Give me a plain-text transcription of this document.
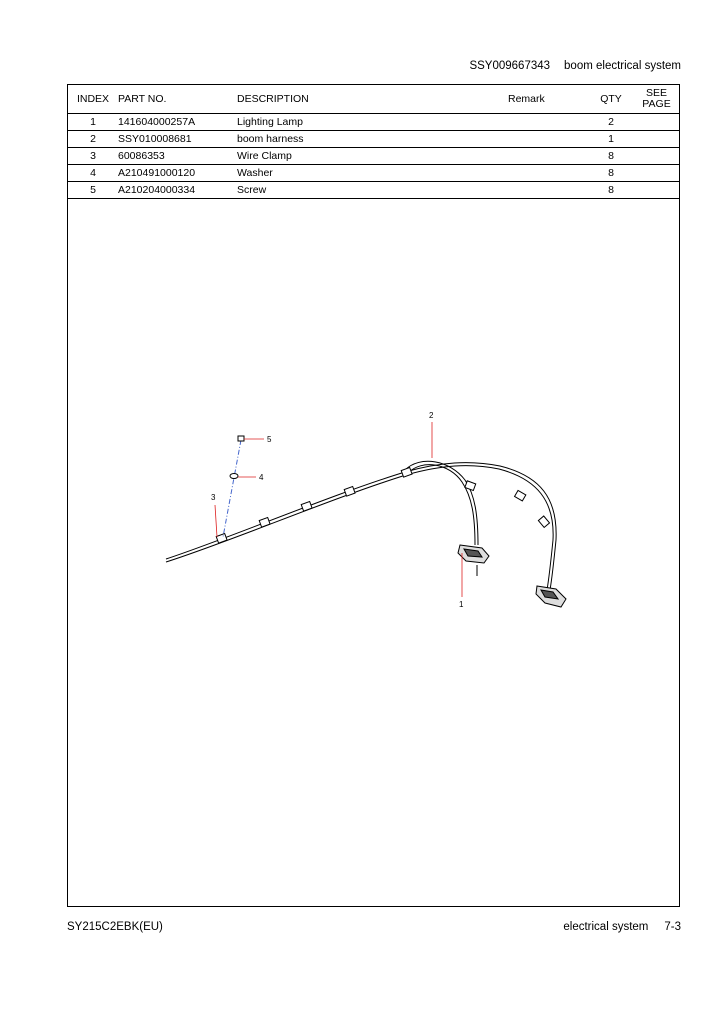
SSY009667343 boom electrical system
INDEX	PART NO.	DESCRIPTION	Remark	QTY	SEE
PAGE
1	141604000257A	Lighting Lamp		2	
2	SSY010008681	boom harness		1	
3	60086353	Wire Clamp		8	
4	A210491000120	Washer		8	
5	A210204000334	Screw		8	
1
2
3
4
5
SY215C2EBK(EU)	electrical system 7-3
